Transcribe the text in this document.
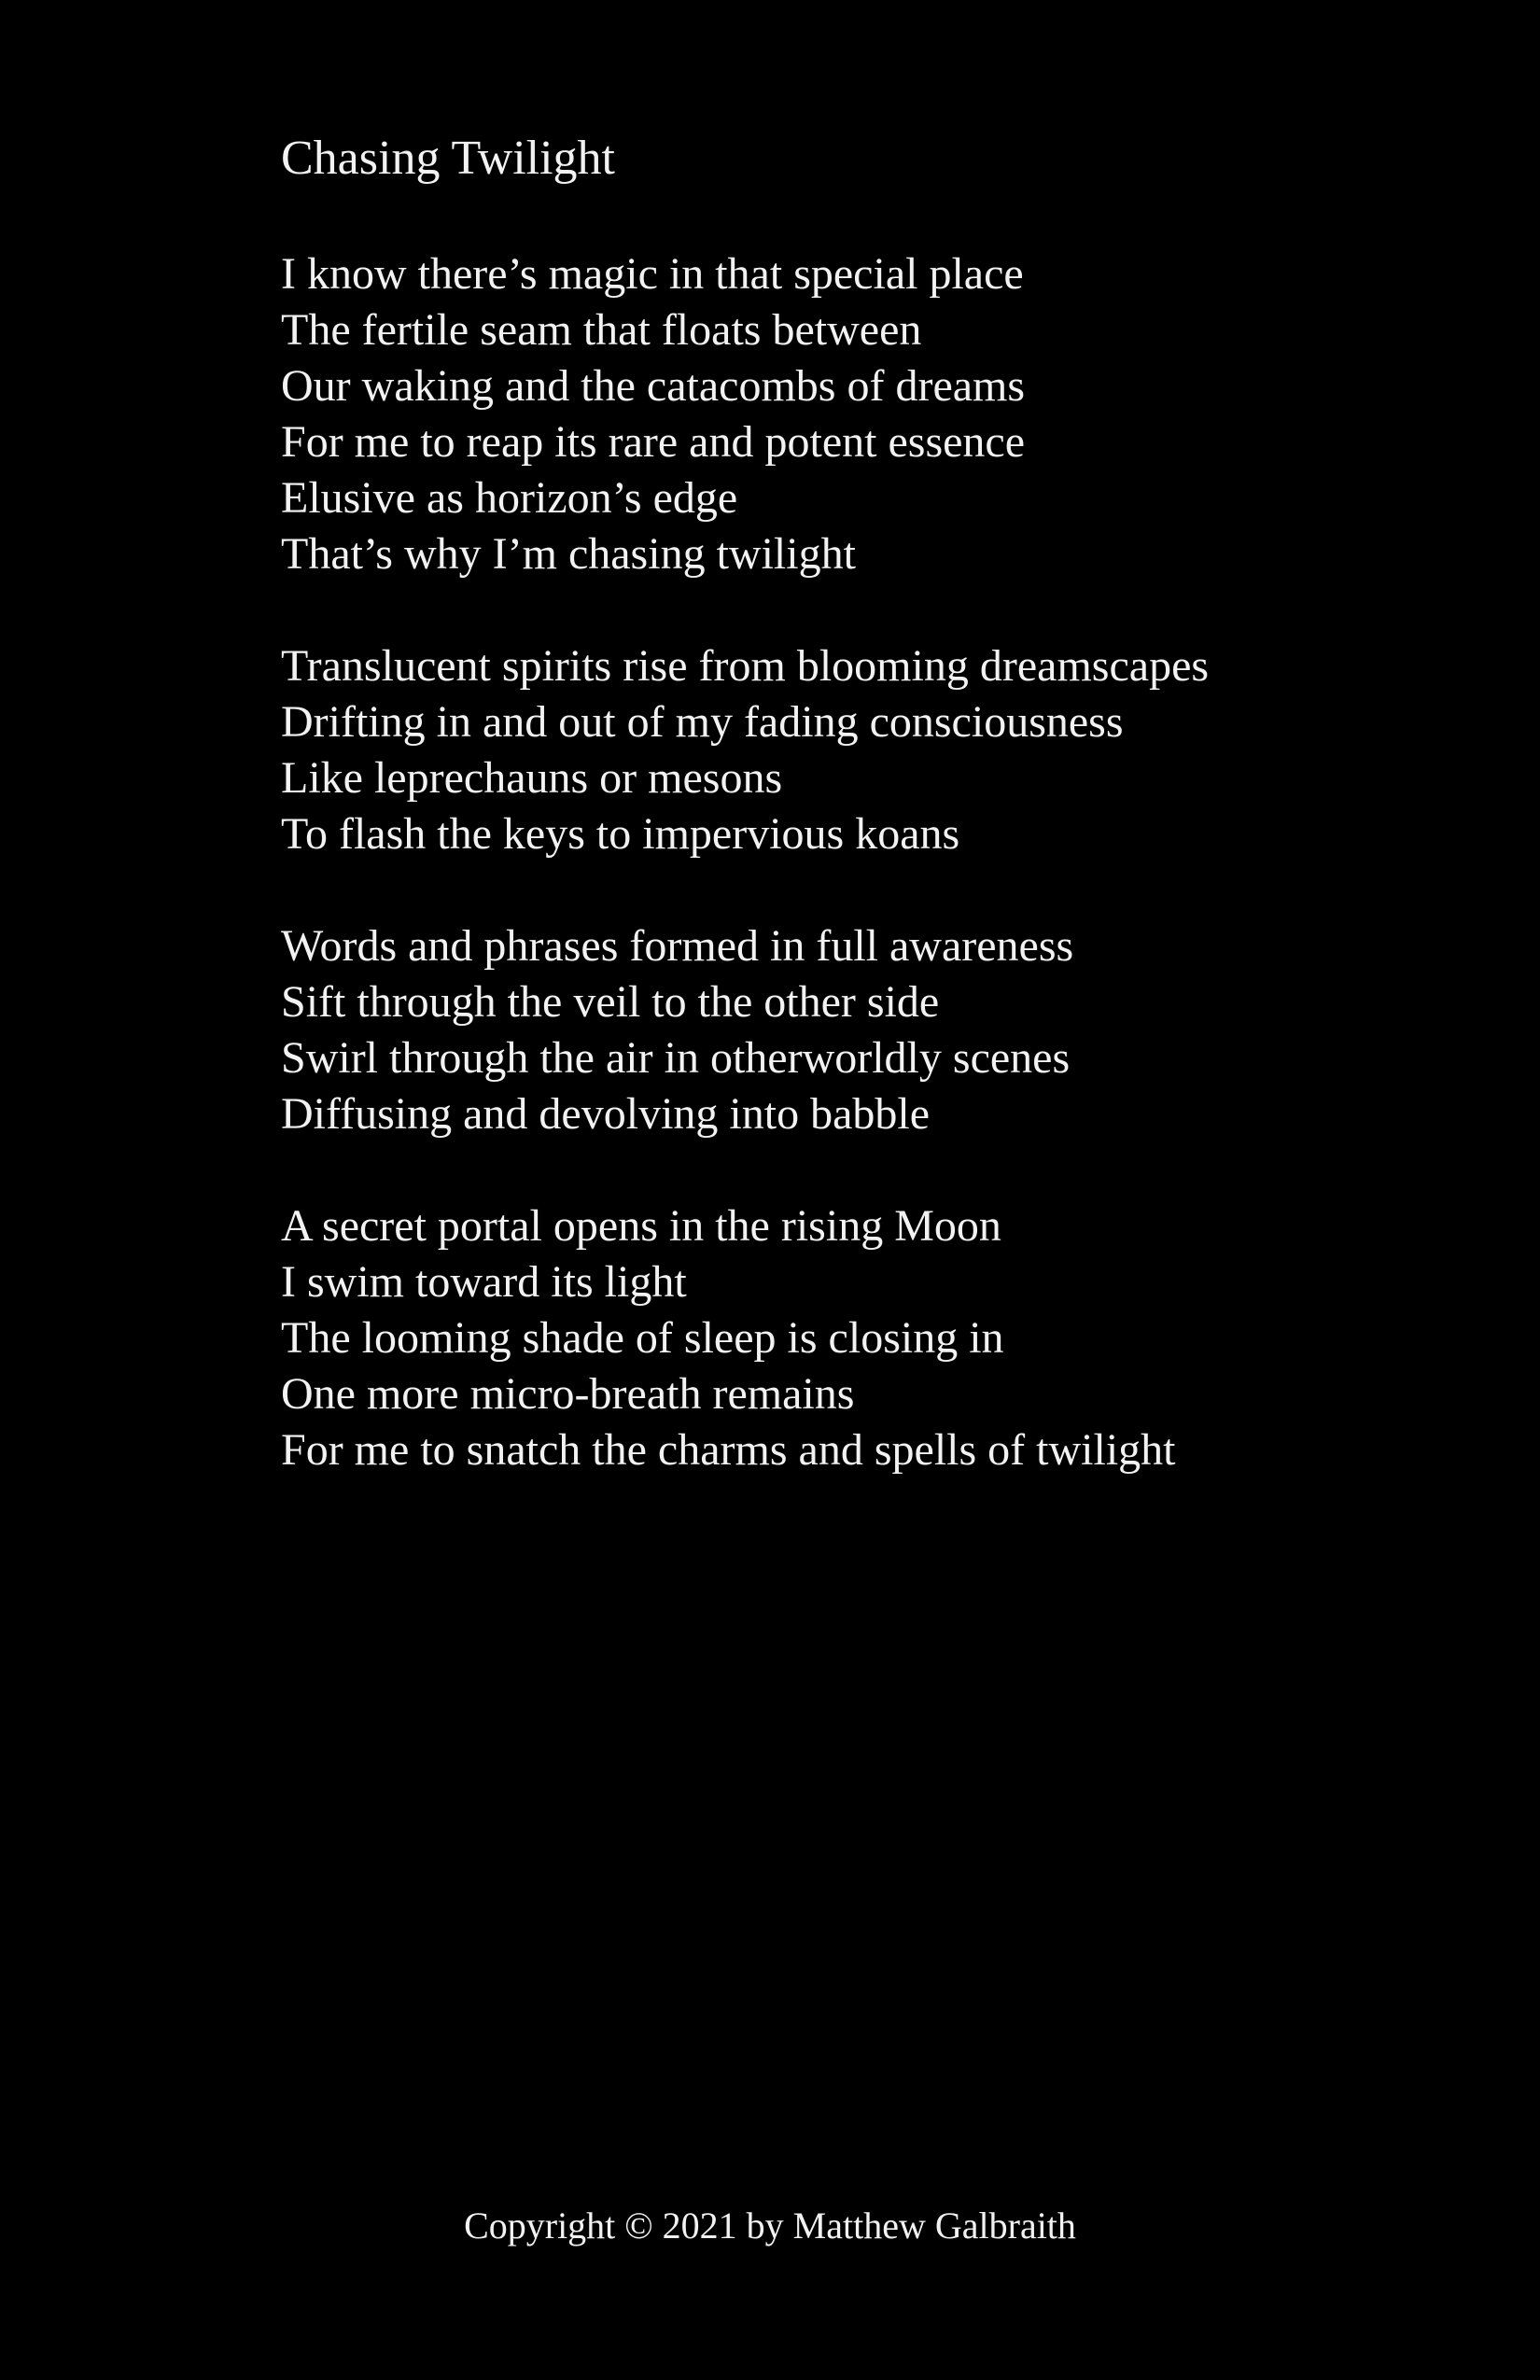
Chasing Twilight
I know there’s magic in that special place
The fertile seam that floats between
Our waking and the catacombs of dreams
For me to reap its rare and potent essence
Elusive as horizon’s edge
That’s why I’m chasing twilight
Translucent spirits rise from blooming dreamscapes
Drifting in and out of my fading consciousness
Like leprechauns or mesons
To flash the keys to impervious koans
Words and phrases formed in full awareness
Sift through the veil to the other side
Swirl through the air in otherworldly scenes
Diffusing and devolving into babble
A secret portal opens in the rising Moon
I swim toward its light
The looming shade of sleep is closing in
One more micro-breath remains
For me to snatch the charms and spells of twilight
Copyright © 2021 by Matthew Galbraith
